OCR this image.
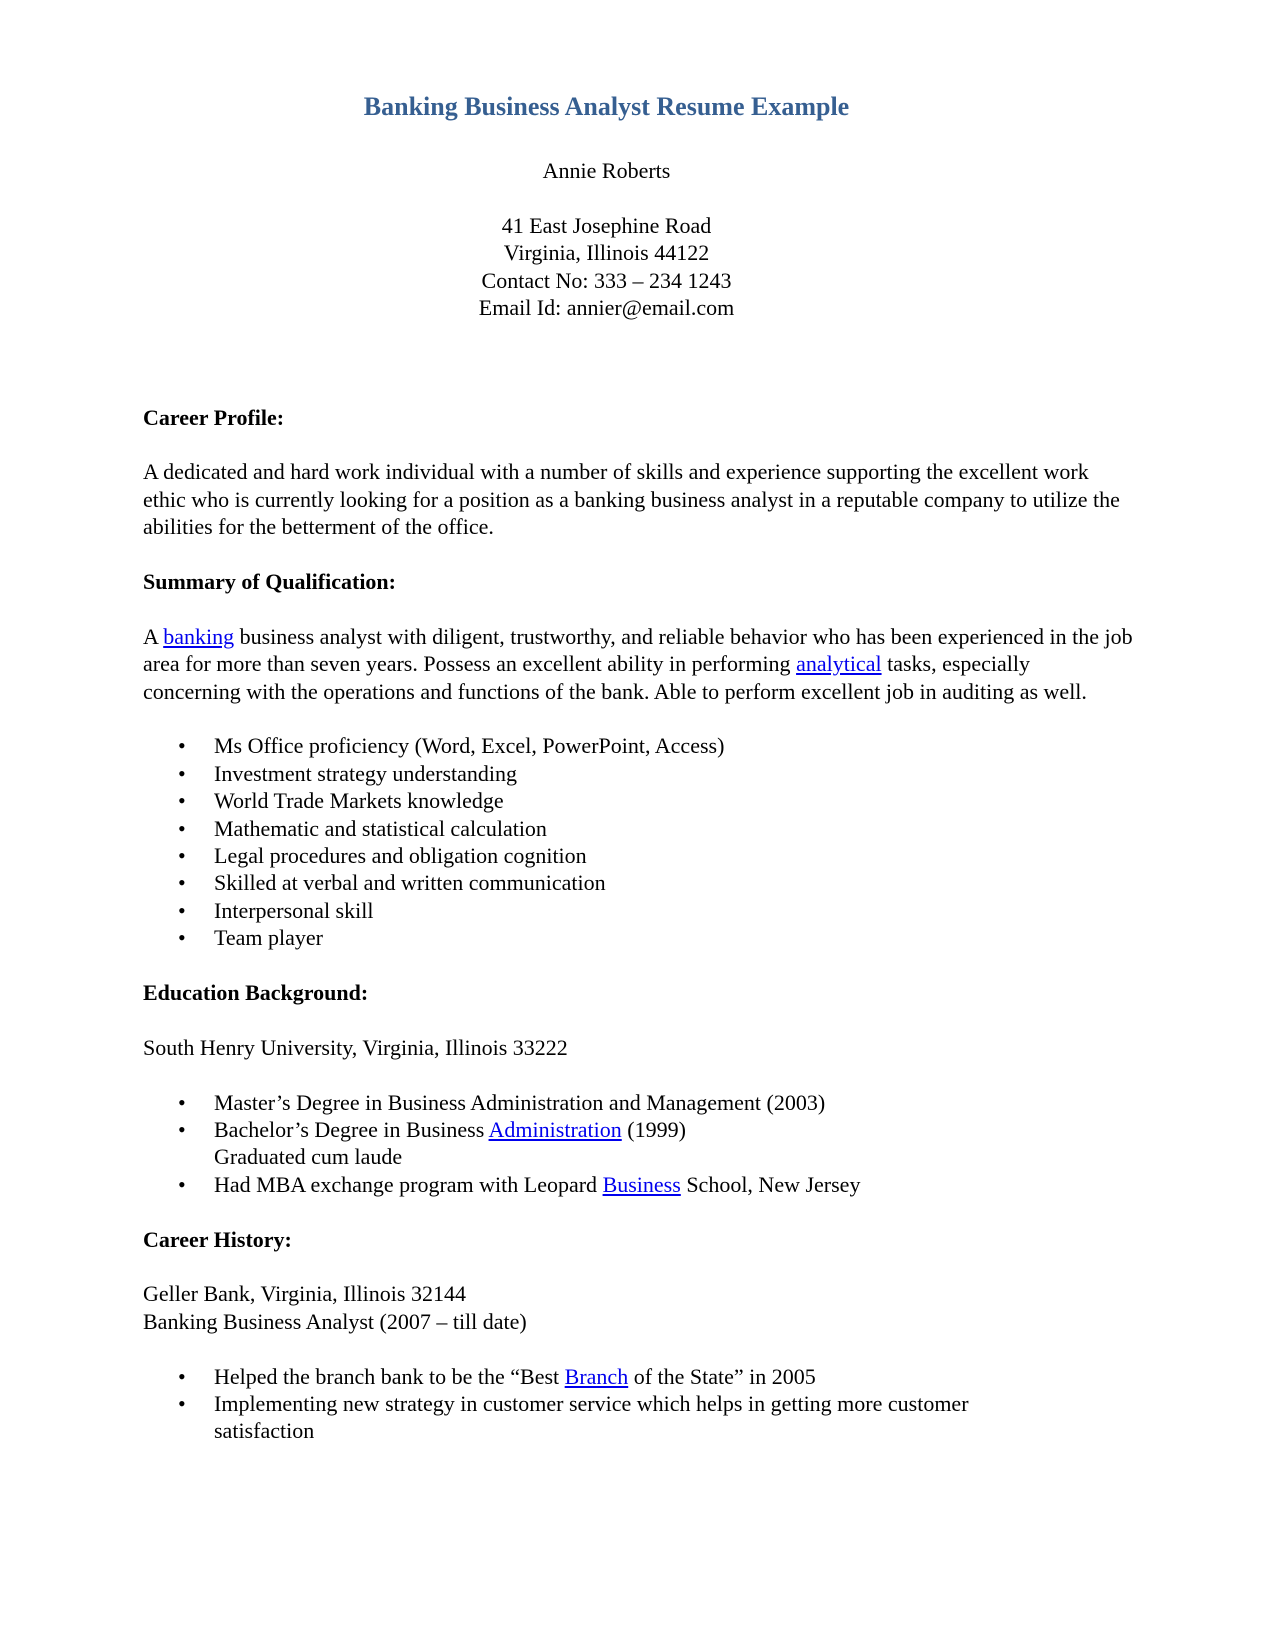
Banking Business Analyst Resume Example

Annie Roberts

41 East Josephine Road
Virginia, Illinois 44122
Contact No: 333 – 234 1243
Email Id: annier@email.com
Career Profile:

A dedicated and hard work individual with a number of skills and experience supporting the excellent work ethic who is currently looking for a position as a banking business analyst in a reputable company to utilize the abilities for the betterment of the office.

Summary of Qualification:

A banking business analyst with diligent, trustworthy, and reliable behavior who has been experienced in the job area for more than seven years. Possess an excellent ability in performing analytical tasks, especially concerning with the operations and functions of the bank. Able to perform excellent job in auditing as well.

• Ms Office proficiency (Word, Excel, PowerPoint, Access)
• Investment strategy understanding
• World Trade Markets knowledge
• Mathematic and statistical calculation
• Legal procedures and obligation cognition
• Skilled at verbal and written communication
• Interpersonal skill
• Team player
Education Background:

South Henry University, Virginia, Illinois 33222

• Master’s Degree in Business Administration and Management (2003)
• Bachelor’s Degree in Business Administration (1999)
Graduated cum laude
• Had MBA exchange program with Leopard Business School, New Jersey
Career History:

Geller Bank, Virginia, Illinois 32144
Banking Business Analyst (2007 – till date)

• Helped the branch bank to be the “Best Branch of the State” in 2005
• Implementing new strategy in customer service which helps in getting more customer satisfaction
